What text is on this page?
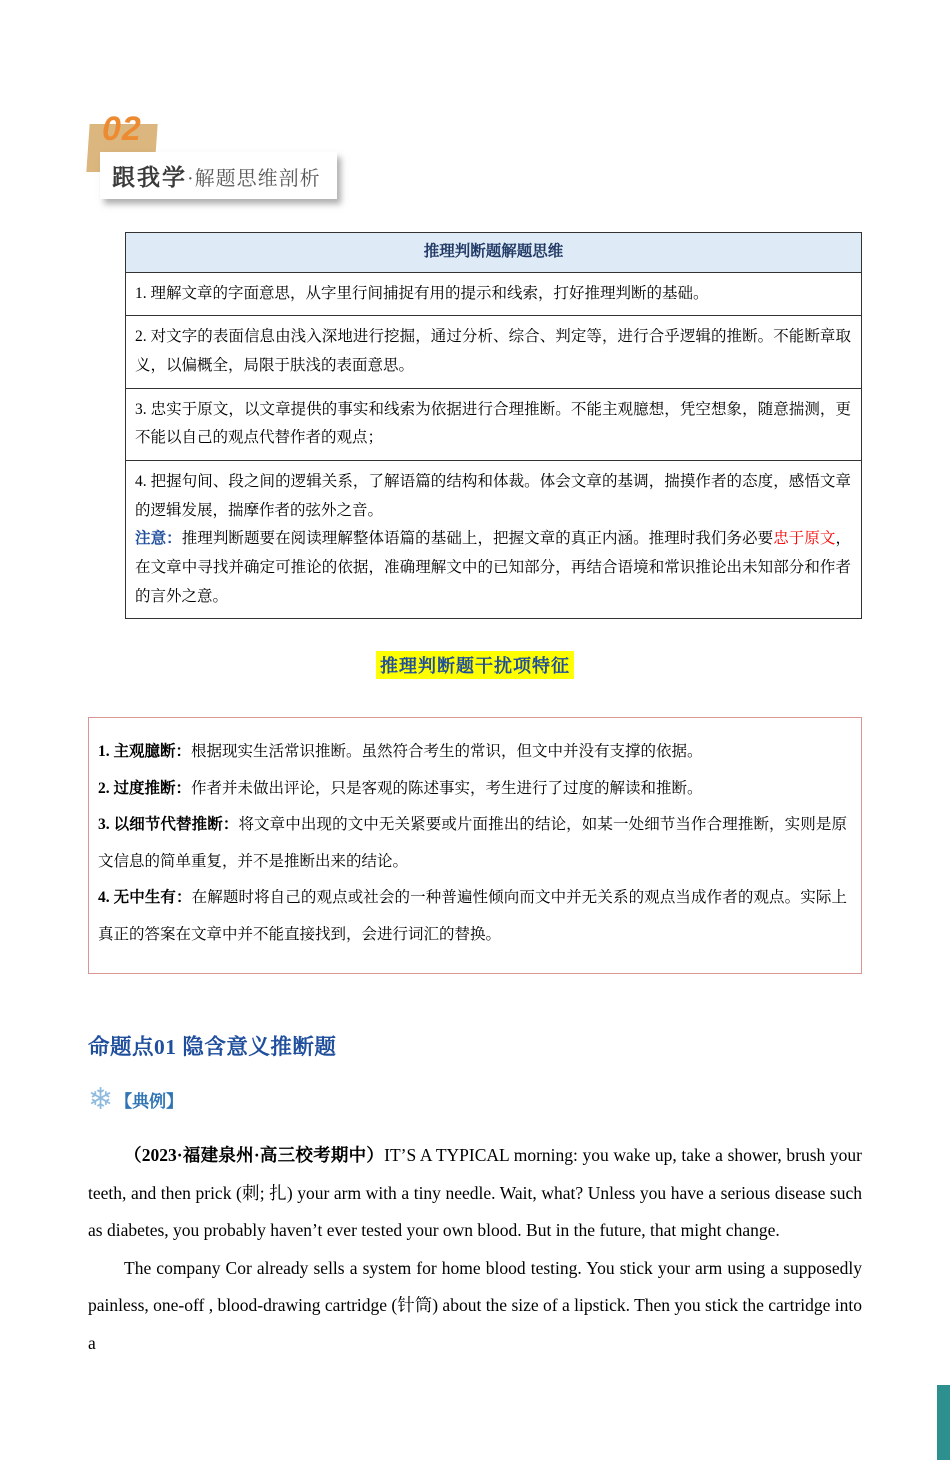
02
跟我学·解题思维剖析
推理判断题解题思维
1. 理解文章的字面意思，从字里行间捕捉有用的提示和线索，打好推理判断的基础。
2. 对文字的表面信息由浅入深地进行挖掘，通过分析、综合、判定等，进行合乎逻辑的推断。不能断章取义，以偏概全，局限于肤浅的表面意思。
3. 忠实于原文，以文章提供的事实和线索为依据进行合理推断。不能主观臆想，凭空想象，随意揣测，更不能以自己的观点代替作者的观点；

4. 把握句间、段之间的逻辑关系，了解语篇的结构和体裁。体会文章的基调，揣摸作者的态度，感悟文章的逻辑发展，揣摩作者的弦外之音。

注意：推理判断题要在阅读理解整体语篇的基础上，把握文章的真正内涵。推理时我们务必要忠于原文，在文章中寻找并确定可推论的依据，准确理解文中的已知部分，再结合语境和常识推论出未知部分和作者的言外之意。

推理判断题干扰项特征
1. 主观臆断：根据现实生活常识推断。虽然符合考生的常识，但文中并没有支撑的依据。
2. 过度推断：作者并未做出评论，只是客观的陈述事实，考生进行了过度的解读和推断。
3. 以细节代替推断：将文章中出现的文中无关紧要或片面推出的结论，如某一处细节当作合理推断，实则是原文信息的简单重复，并不是推断出来的结论。
4. 无中生有：在解题时将自己的观点或社会的一种普遍性倾向而文中并无关系的观点当成作者的观点。实际上真正的答案在文章中并不能直接找到，会进行词汇的替换。
命题点01 隐含意义推断题
❄ 【典例】

（2023·福建泉州·高三校考期中）IT’S A TYPICAL morning: you wake up, take a shower, brush your teeth, and then prick (刺; 扎) your arm with a tiny needle. Wait, what? Unless you have a serious disease such as diabetes, you probably haven’t ever tested your own blood. But in the future, that might change.

The company Cor already sells a system for home blood testing. You stick your arm using a supposedly painless, one-off , blood-drawing cartridge (针筒) about the size of a lipstick. Then you stick the cartridge into a
